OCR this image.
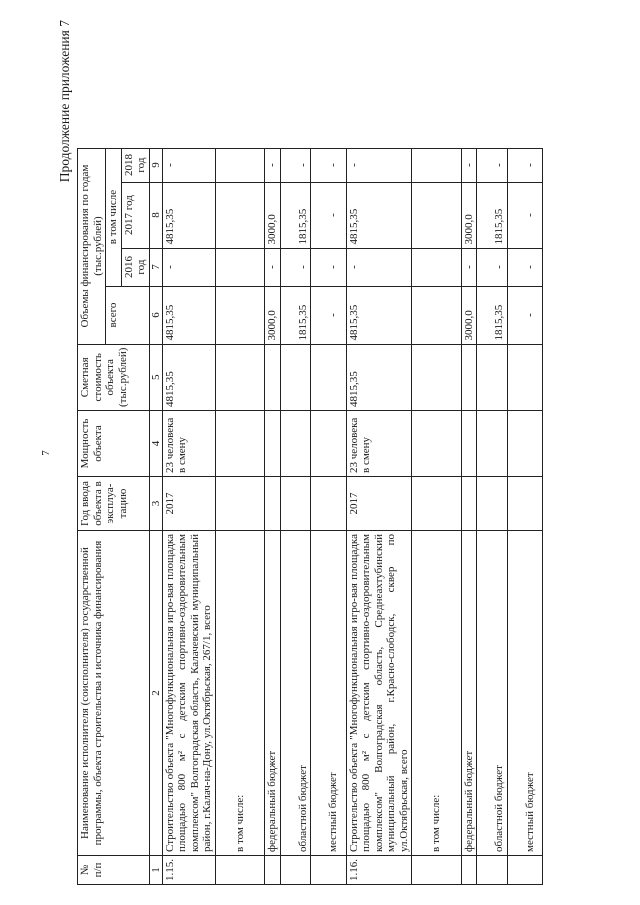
7
Продолжение приложения 7
№ п/п	Наименование исполнителя (соисполнителя) государственной программы, объекта строительства и источника финансирования	Год ввода объекта в эксплуа-тацию	Мощность объекта	Сметная стоимость объекта (тыс.рублей)	Объемы финансирования по годам (тыс.рублей)			
					всего	в том числе		
						2016 год	2017 год	2018 год
1	2	3	4	5	6	7	8	9
1.15.	Строительство объекта "Многофункциональная игро-вая площадка площадью 800 м² с детским спортивно-оздоровительным комплексом" Волгоградская область, Калачевский муниципальный район, г.Калач-на-Дону, ул.Октябрьская, 267/1, всего	2017	23 человека в смену	4815,35	4815,35	-	4815,35	-
	в том числе:							
	федеральный бюджет				3000,0	-	3000,0	-
	областной бюджет				1815,35	-	1815,35	-
	местный бюджет				-	-	-	-
1.16.	Строительство объекта "Многофункциональная игро-вая площадка площадью 800 м² с детским спортивно-оздоровительным комплексом" Волгоградская область, Среднеахтубинский муниципальный район, г.Красно-слободск, сквер по ул.Октябрьская, всего	2017	23 человека в смену	4815,35	4815,35	-	4815,35	-
	в том числе:							
	федеральный бюджет				3000,0	-	3000,0	-
	областной бюджет				1815,35	-	1815,35	-
	местный бюджет				-	-	-	-
